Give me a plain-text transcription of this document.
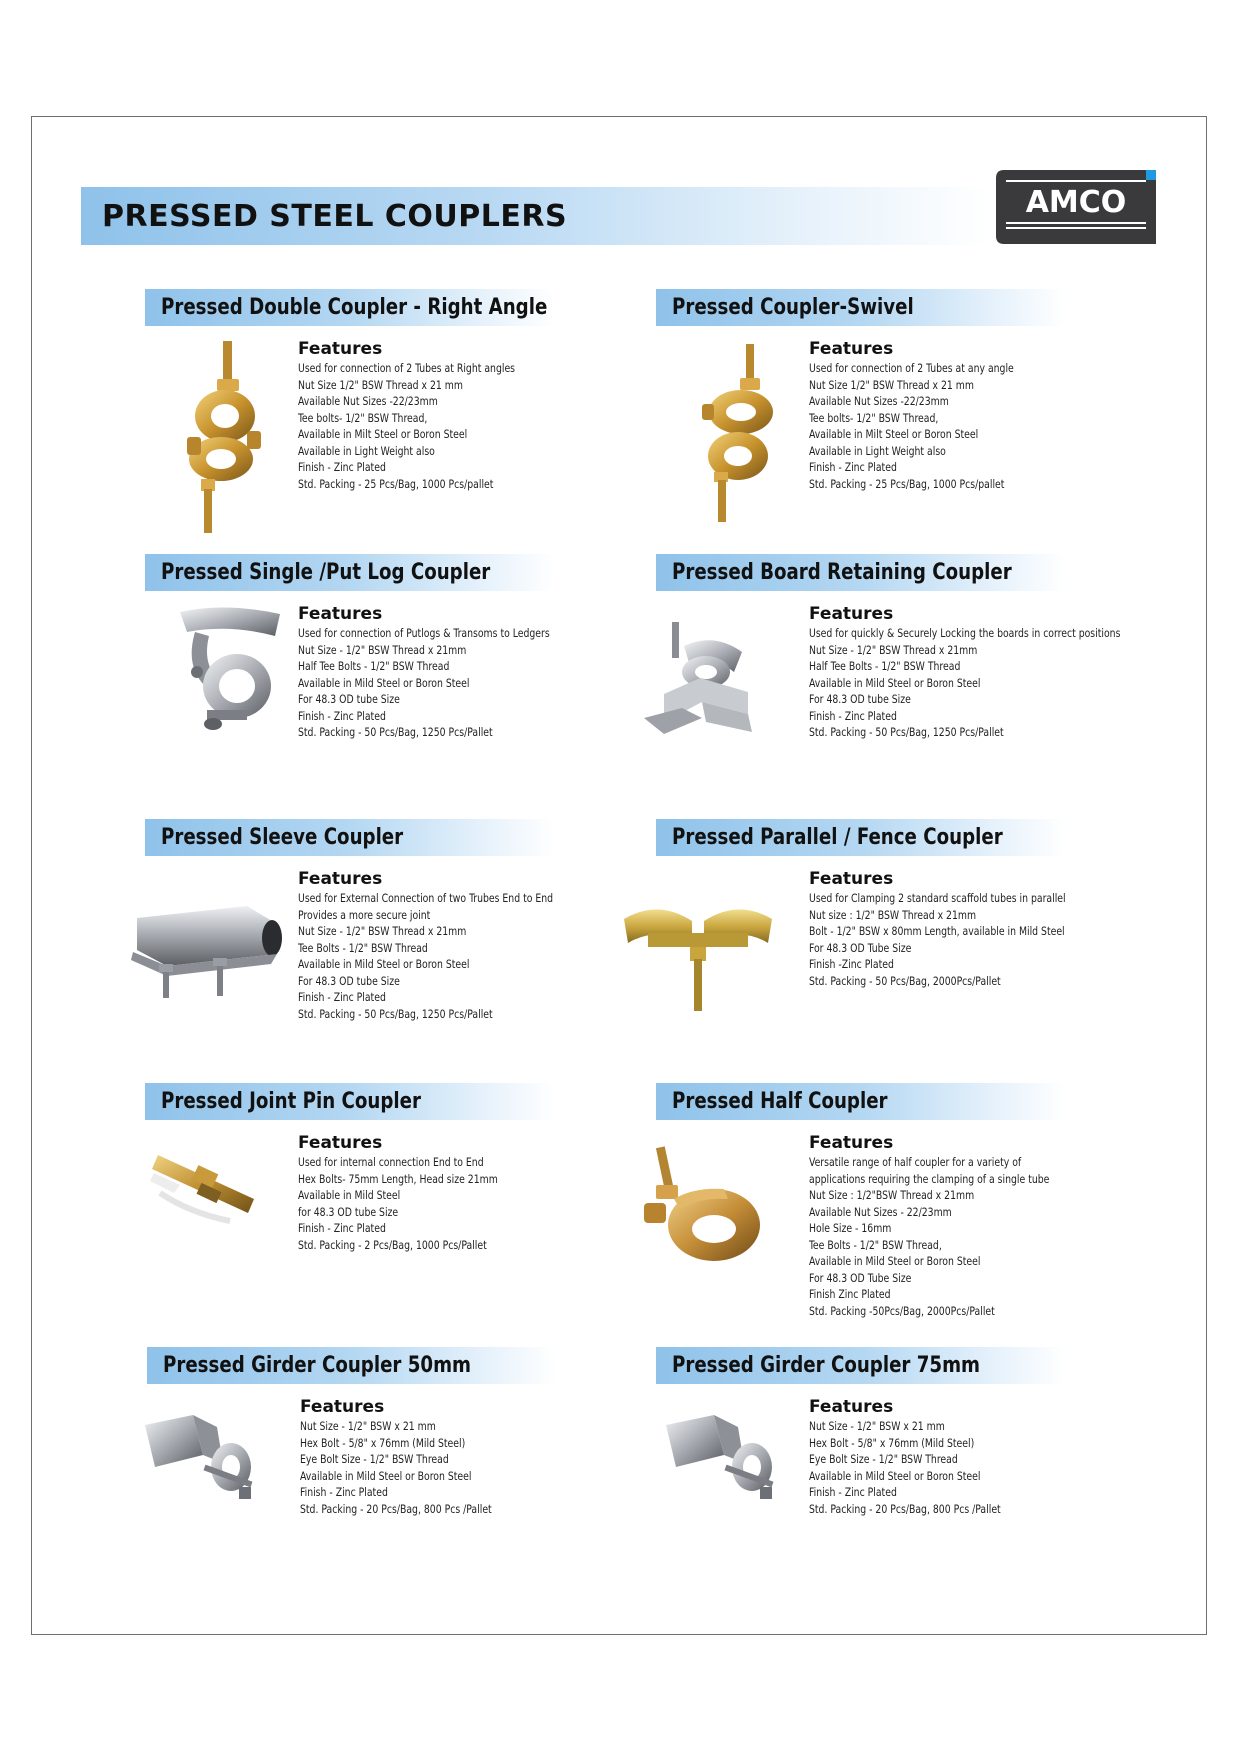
PRESSED STEEL COUPLERS	AMCO
Pressed Double Coupler - Right Angle
Features
Used for connection of 2 Tubes at Right angles
Nut Size 1/2" BSW Thread x 21 mm
Available Nut Sizes -22/23mm
Tee bolts- 1/2" BSW Thread,
Available in Milt Steel or Boron Steel
Available in Light Weight also
Finish - Zinc Plated
Std. Packing - 25 Pcs/Bag, 1000 Pcs/pallet
Pressed Coupler-Swivel
Features
Used for connection of 2 Tubes at any angle
Nut Size 1/2" BSW Thread x 21 mm
Available Nut Sizes -22/23mm
Tee bolts- 1/2" BSW Thread,
Available in Milt Steel or Boron Steel
Available in Light Weight also
Finish - Zinc Plated
Std. Packing - 25 Pcs/Bag, 1000 Pcs/pallet
Pressed Single /Put Log Coupler
Features
Used for connection of Putlogs & Transoms to Ledgers
Nut Size - 1/2" BSW Thread x 21mm
Half Tee Bolts - 1/2" BSW Thread
Available in Mild Steel or Boron Steel
For 48.3 OD tube Size
Finish - Zinc Plated
Std. Packing - 50 Pcs/Bag, 1250 Pcs/Pallet
Pressed Board Retaining Coupler
Features
Used for quickly & Securely Locking the boards in correct positions
Nut Size - 1/2" BSW Thread x 21mm
Half Tee Bolts - 1/2" BSW Thread
Available in Mild Steel or Boron Steel
For 48.3 OD tube Size
Finish - Zinc Plated
Std. Packing - 50 Pcs/Bag, 1250 Pcs/Pallet
Pressed Sleeve Coupler
Features
Used for External Connection of two Trubes End to End
Provides a more secure joint
Nut Size - 1/2" BSW Thread x 21mm
Tee Bolts - 1/2" BSW Thread
Available in Mild Steel or Boron Steel
For 48.3 OD tube Size
Finish - Zinc Plated
Std. Packing - 50 Pcs/Bag, 1250 Pcs/Pallet
Pressed Parallel / Fence Coupler
Features
Used for Clamping 2 standard scaffold tubes in parallel
Nut size : 1/2" BSW Thread x 21mm
Bolt - 1/2" BSW x 80mm Length, available in Mild Steel
For 48.3 OD Tube Size
Finish -Zinc Plated
Std. Packing - 50 Pcs/Bag, 2000Pcs/Pallet
Pressed Joint Pin Coupler
Features
Used for internal connection End to End
Hex Bolts- 75mm Length, Head size 21mm
Available in Mild Steel
for 48.3 OD tube Size
Finish - Zinc Plated
Std. Packing - 2 Pcs/Bag, 1000 Pcs/Pallet
Pressed Half Coupler
Features
Versatile range of half coupler for a variety of
applications requiring the clamping of a single tube
Nut Size : 1/2"BSW Thread x 21mm
Available Nut Sizes - 22/23mm
Hole Size - 16mm
Tee Bolts - 1/2" BSW Thread,
Available in Mild Steel or Boron Steel
For 48.3 OD Tube Size
Finish Zinc Plated
Std. Packing -50Pcs/Bag, 2000Pcs/Pallet
Pressed Girder Coupler 50mm
Features
Nut Size - 1/2" BSW x 21 mm
Hex Bolt - 5/8" x 76mm (Mild Steel)
Eye Bolt Size - 1/2" BSW Thread
Available in Mild Steel or Boron Steel
Finish - Zinc Plated
Std. Packing - 20 Pcs/Bag, 800 Pcs /Pallet
Pressed Girder Coupler 75mm
Features
Nut Size - 1/2" BSW x 21 mm
Hex Bolt - 5/8" x 76mm (Mild Steel)
Eye Bolt Size - 1/2" BSW Thread
Available in Mild Steel or Boron Steel
Finish - Zinc Plated
Std. Packing - 20 Pcs/Bag, 800 Pcs /Pallet
